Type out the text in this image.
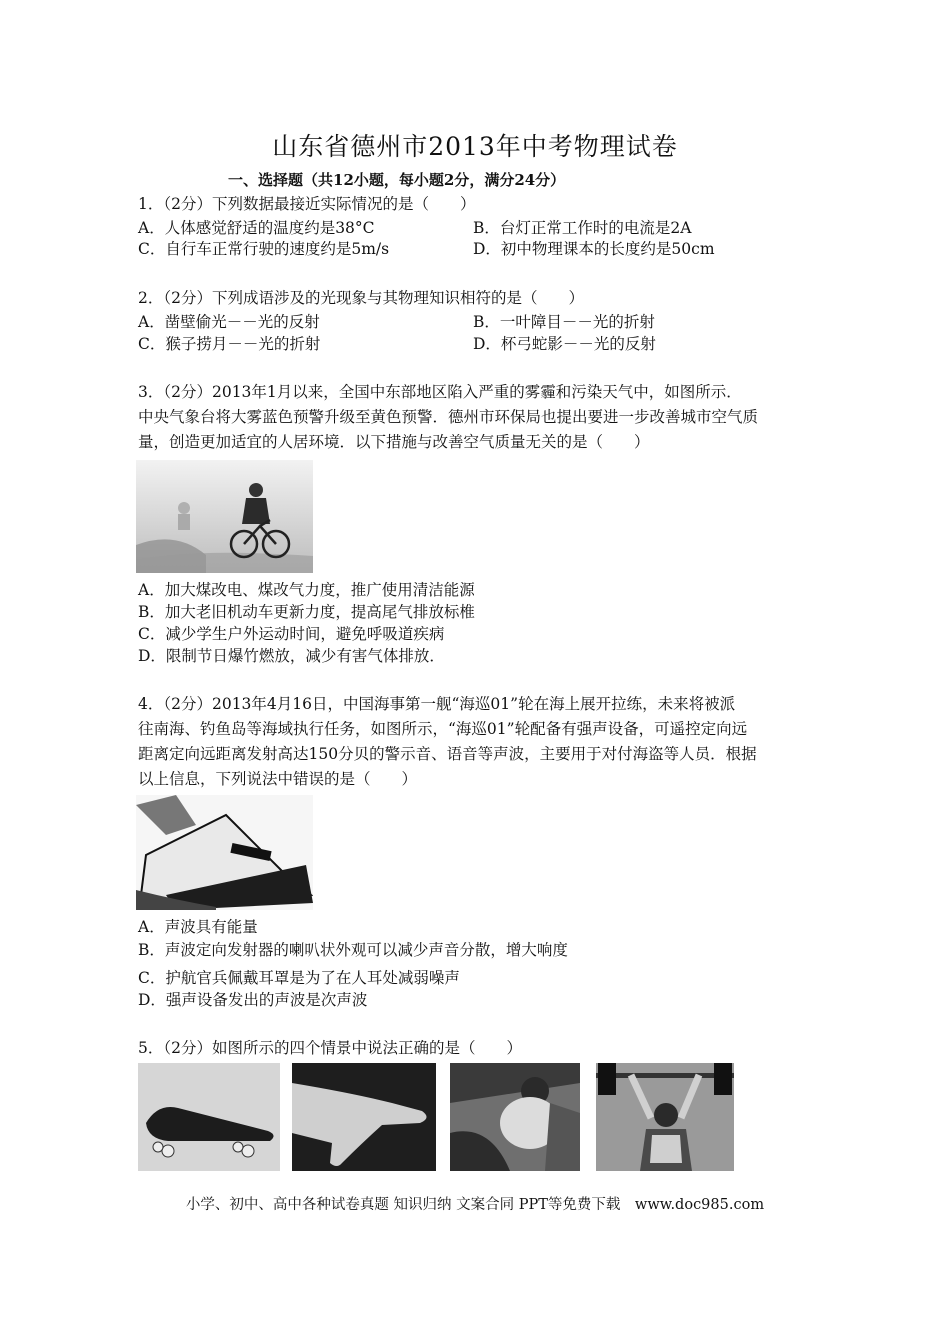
山东省德州市2013年中考物理试卷
一、选择题（共12小题，每小题2分，满分24分）
1．（2分）下列数据最接近实际情况的是（　　）
A．人体感觉舒适的温度约是38°C	B．台灯正常工作时的电流是2A
C．自行车正常行驶的速度约是5m/s	D．初中物理课本的长度约是50cm
2．（2分）下列成语涉及的光现象与其物理知识相符的是（　　）
A．凿壁偷光－－光的反射	B．一叶障目－－光的折射
C．猴子捞月－－光的折射	D．杯弓蛇影－－光的反射
3．（2分）2013年1月以来，全国中东部地区陷入严重的雾霾和污染天气中，如图所示．
中央气象台将大雾蓝色预警升级至黄色预警．德州市环保局也提出要进一步改善城市空气质
量，创造更加适宜的人居环境．以下措施与改善空气质量无关的是（　　）
A．加大煤改电、煤改气力度，推广使用清洁能源
B．加大老旧机动车更新力度，提高尾气排放标椎
C．减少学生户外运动时间，避免呼吸道疾病
D．限制节日爆竹燃放，减少有害气体排放．
4．（2分）2013年4月16日，中国海事第一舰“海巡01”轮在海上展开拉练，未来将被派
往南海、钓鱼岛等海域执行任务，如图所示，“海巡01”轮配备有强声设备，可遥控定向远
距离定向远距离发射高达150分贝的警示音、语音等声波，主要用于对付海盗等人员．根据
以上信息，下列说法中错误的是（　　）
A．声波具有能量
B．声波定向发射器的喇叭状外观可以减少声音分散，增大响度
C．护航官兵佩戴耳罩是为了在人耳处减弱噪声
D．强声设备发出的声波是次声波
5．（2分）如图所示的四个情景中说法正确的是（　　）
小学、初中、高中各种试卷真题 知识归纳 文案合同 PPT等免费下载　www.doc985.com
